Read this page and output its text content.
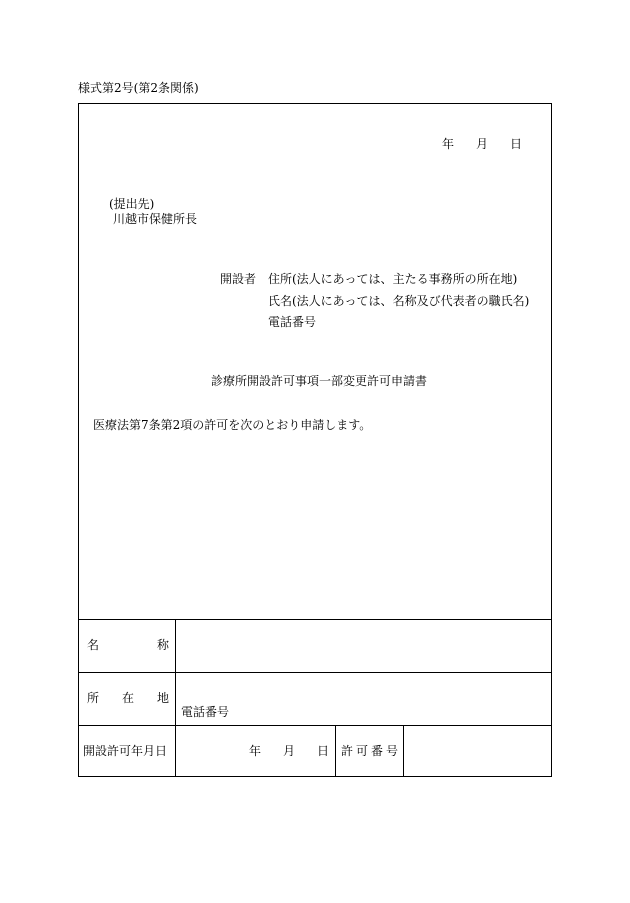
様式第2号(第2条関係)
年 月 日
(提出先)
川越市保健所長
開設者 住所(法人にあっては、主たる事務所の所在地)
氏名(法人にあっては、名称及び代表者の職氏名)
電話番号
診療所開設許可事項一部変更許可申請書
医療法第7条第2項の許可を次のとおり申請します。
名	称
所 在 地
電話番号
開設許可年月日	年 月 日 許可番号
